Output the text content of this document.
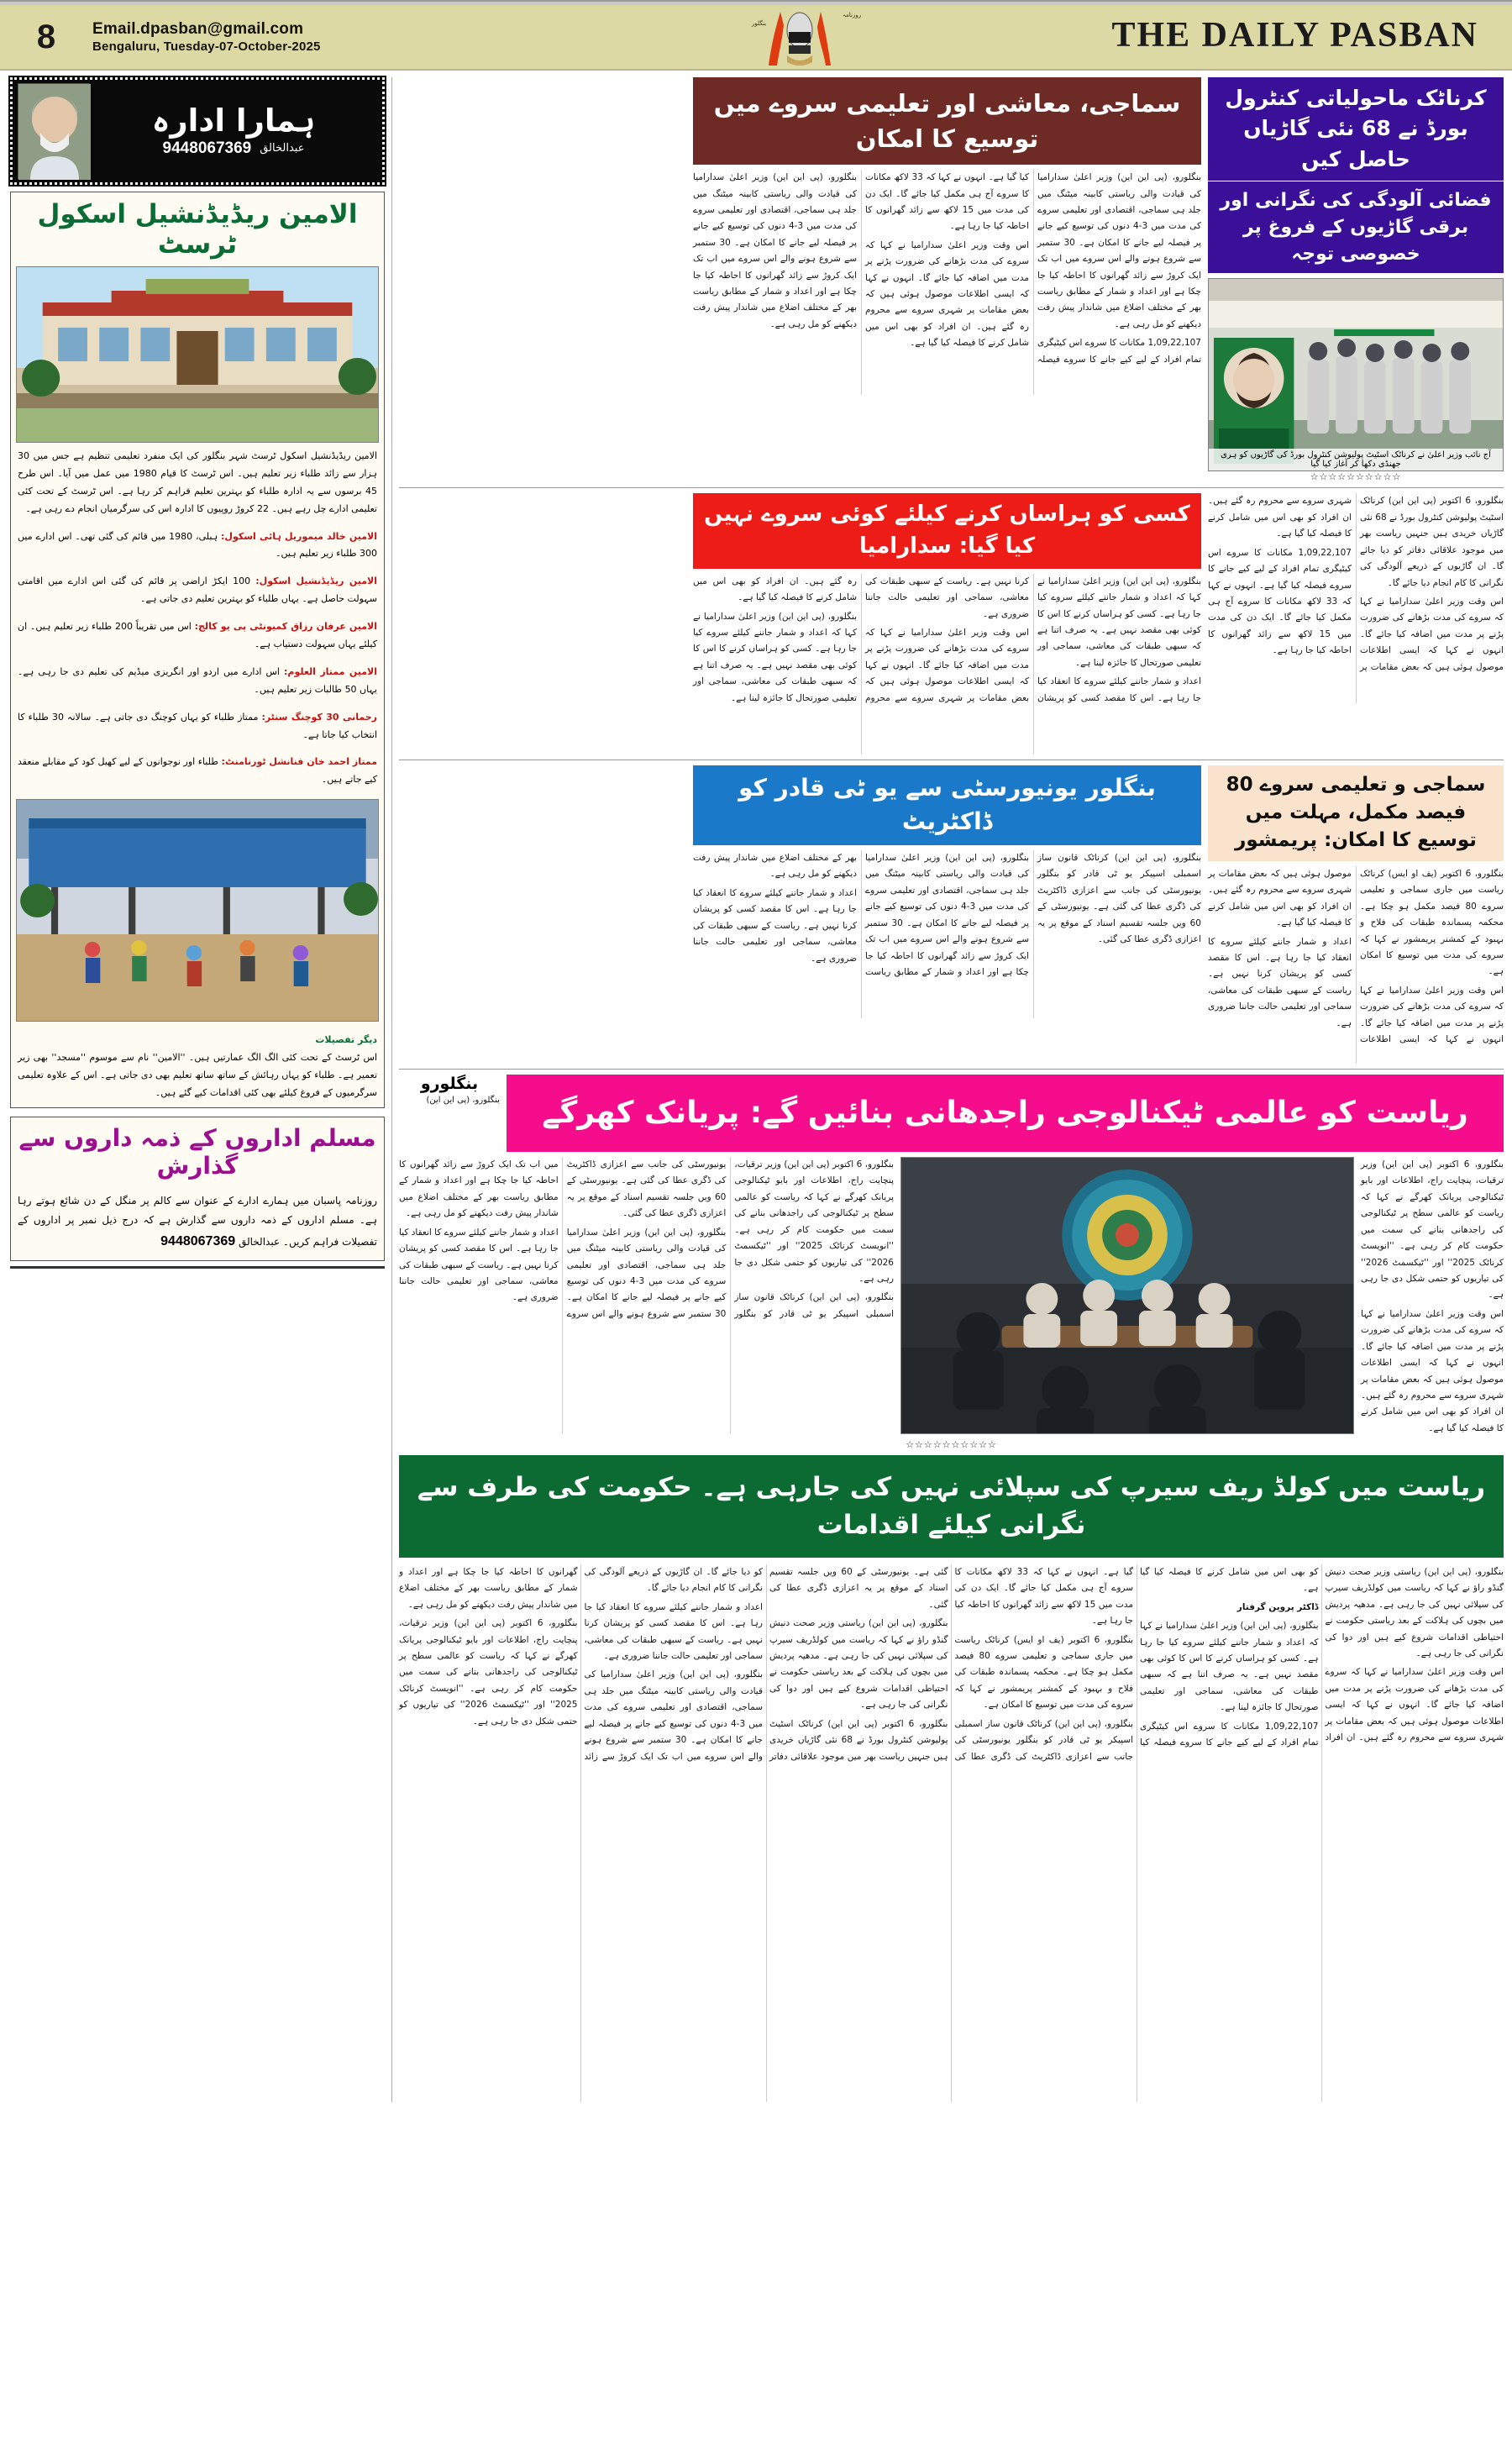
8	Email.dpasban@gmail.com
Bengaluru, Tuesday-07-October-2025
روزنامہ
بنگلور	THE DAILY PASBAN
کرناٹک ماحولیاتی کنٹرول بورڈ نے 68 نئی گاڑیاں حاصل کیں
فضائی آلودگی کی نگرانی اور برقی گاڑیوں کے فروغ پر خصوصی توجہ
آج نائب وزیر اعلیٰ نے کرناٹک اسٹیٹ پولیوشن کنٹرول بورڈ کی گاڑیوں کو ہری جھنڈی دکھا کر آغاز کیا گیا
☆☆☆☆☆☆☆☆☆☆
سماجی، معاشی اور تعلیمی سروے میں توسیع کا امکان

بنگلورو، (پی این این) وزیر اعلیٰ سدارامیا کی قیادت والی ریاستی کابینہ میٹنگ میں جلد ہی سماجی، اقتصادی اور تعلیمی سروے کی مدت میں 3-4 دنوں کی توسیع کیے جانے پر فیصلہ لیے جانے کا امکان ہے۔ 30 ستمبر سے شروع ہونے والے اس سروے میں اب تک ایک کروڑ سے زائد گھرانوں کا احاطہ کیا جا چکا ہے اور اعداد و شمار کے مطابق ریاست بھر کے مختلف اضلاع میں شاندار پیش رفت دیکھنے کو مل رہی ہے۔

1,09,22,107 مکانات کا سروے اس کیٹیگری تمام افراد کے لیے کیے جانے کا سروے فیصلہ کیا گیا ہے۔ انہوں نے کہا کہ 33 لاکھ مکانات کا سروے آج ہی مکمل کیا جائے گا۔ ایک دن کی مدت میں 15 لاکھ سے زائد گھرانوں کا احاطہ کیا جا رہا ہے۔

اس وقت وزیر اعلیٰ سدارامیا نے کہا کہ سروے کی مدت بڑھانے کی ضرورت پڑنے پر مدت میں اضافہ کیا جائے گا۔ انہوں نے کہا کہ ایسی اطلاعات موصول ہوئی ہیں کہ بعض مقامات پر شہری سروے سے محروم رہ گئے ہیں۔ ان افراد کو بھی اس میں شامل کرنے کا فیصلہ کیا گیا ہے۔

بنگلورو، (پی این این) وزیر اعلیٰ سدارامیا کی قیادت والی ریاستی کابینہ میٹنگ میں جلد ہی سماجی، اقتصادی اور تعلیمی سروے کی مدت میں 3-4 دنوں کی توسیع کیے جانے پر فیصلہ لیے جانے کا امکان ہے۔ 30 ستمبر سے شروع ہونے والے اس سروے میں اب تک ایک کروڑ سے زائد گھرانوں کا احاطہ کیا جا چکا ہے اور اعداد و شمار کے مطابق ریاست بھر کے مختلف اضلاع میں شاندار پیش رفت دیکھنے کو مل رہی ہے۔

بنگلورو، 6 اکتوبر (پی این این) کرناٹک اسٹیٹ پولیوشن کنٹرول بورڈ نے 68 نئی گاڑیاں خریدی ہیں جنہیں ریاست بھر میں موجود علاقائی دفاتر کو دیا جائے گا۔ ان گاڑیوں کے ذریعے آلودگی کی نگرانی کا کام انجام دیا جائے گا۔

اس وقت وزیر اعلیٰ سدارامیا نے کہا کہ سروے کی مدت بڑھانے کی ضرورت پڑنے پر مدت میں اضافہ کیا جائے گا۔ انہوں نے کہا کہ ایسی اطلاعات موصول ہوئی ہیں کہ بعض مقامات پر شہری سروے سے محروم رہ گئے ہیں۔ ان افراد کو بھی اس میں شامل کرنے کا فیصلہ کیا گیا ہے۔

1,09,22,107 مکانات کا سروے اس کیٹیگری تمام افراد کے لیے کیے جانے کا سروے فیصلہ کیا گیا ہے۔ انہوں نے کہا کہ 33 لاکھ مکانات کا سروے آج ہی مکمل کیا جائے گا۔ ایک دن کی مدت میں 15 لاکھ سے زائد گھرانوں کا احاطہ کیا جا رہا ہے۔

کسی کو ہراساں کرنے کیلئے کوئی سروے نہیں کیا گیا: سدارامیا

بنگلورو، (پی این این) وزیر اعلیٰ سدارامیا نے کہا کہ اعداد و شمار جاننے کیلئے سروے کیا جا رہا ہے۔ کسی کو ہراساں کرنے کا اس کا کوئی بھی مقصد نہیں ہے۔ یہ صرف اتنا ہے کہ سبھی طبقات کی معاشی، سماجی اور تعلیمی صورتحال کا جائزہ لینا ہے۔

اعداد و شمار جاننے کیلئے سروے کا انعقاد کیا جا رہا ہے۔ اس کا مقصد کسی کو پریشان کرنا نہیں ہے۔ ریاست کے سبھی طبقات کی معاشی، سماجی اور تعلیمی حالت جاننا ضروری ہے۔

اس وقت وزیر اعلیٰ سدارامیا نے کہا کہ سروے کی مدت بڑھانے کی ضرورت پڑنے پر مدت میں اضافہ کیا جائے گا۔ انہوں نے کہا کہ ایسی اطلاعات موصول ہوئی ہیں کہ بعض مقامات پر شہری سروے سے محروم رہ گئے ہیں۔ ان افراد کو بھی اس میں شامل کرنے کا فیصلہ کیا گیا ہے۔

بنگلورو، (پی این این) وزیر اعلیٰ سدارامیا نے کہا کہ اعداد و شمار جاننے کیلئے سروے کیا جا رہا ہے۔ کسی کو ہراساں کرنے کا اس کا کوئی بھی مقصد نہیں ہے۔ یہ صرف اتنا ہے کہ سبھی طبقات کی معاشی، سماجی اور تعلیمی صورتحال کا جائزہ لینا ہے۔

سماجی و تعلیمی سروے 80 فیصد مکمل، مہلت میں توسیع کا امکان: پریمشور

بنگلورو، 6 اکتوبر (یف او ایس) کرناٹک ریاست میں جاری سماجی و تعلیمی سروے 80 فیصد مکمل ہو چکا ہے۔ محکمہ پسماندہ طبقات کی فلاح و بہبود کے کمشنر پریمشور نے کہا کہ سروے کی مدت میں توسیع کا امکان ہے۔

اس وقت وزیر اعلیٰ سدارامیا نے کہا کہ سروے کی مدت بڑھانے کی ضرورت پڑنے پر مدت میں اضافہ کیا جائے گا۔ انہوں نے کہا کہ ایسی اطلاعات موصول ہوئی ہیں کہ بعض مقامات پر شہری سروے سے محروم رہ گئے ہیں۔ ان افراد کو بھی اس میں شامل کرنے کا فیصلہ کیا گیا ہے۔

اعداد و شمار جاننے کیلئے سروے کا انعقاد کیا جا رہا ہے۔ اس کا مقصد کسی کو پریشان کرنا نہیں ہے۔ ریاست کے سبھی طبقات کی معاشی، سماجی اور تعلیمی حالت جاننا ضروری ہے۔

بنگلور یونیورسٹی سے یو ٹی قادر کو ڈاکٹریٹ

بنگلورو، (پی این این) کرناٹک قانون ساز اسمبلی اسپیکر یو ٹی قادر کو بنگلور یونیورسٹی کی جانب سے اعزازی ڈاکٹریٹ کی ڈگری عطا کی گئی ہے۔ یونیورسٹی کے 60 ویں جلسہ تقسیم اسناد کے موقع پر یہ اعزازی ڈگری عطا کی گئی۔

بنگلورو، (پی این این) وزیر اعلیٰ سدارامیا کی قیادت والی ریاستی کابینہ میٹنگ میں جلد ہی سماجی، اقتصادی اور تعلیمی سروے کی مدت میں 3-4 دنوں کی توسیع کیے جانے پر فیصلہ لیے جانے کا امکان ہے۔ 30 ستمبر سے شروع ہونے والے اس سروے میں اب تک ایک کروڑ سے زائد گھرانوں کا احاطہ کیا جا چکا ہے اور اعداد و شمار کے مطابق ریاست بھر کے مختلف اضلاع میں شاندار پیش رفت دیکھنے کو مل رہی ہے۔

اعداد و شمار جاننے کیلئے سروے کا انعقاد کیا جا رہا ہے۔ اس کا مقصد کسی کو پریشان کرنا نہیں ہے۔ ریاست کے سبھی طبقات کی معاشی، سماجی اور تعلیمی حالت جاننا ضروری ہے۔

ریاست کو عالمی ٹیکنالوجی راجدھانی بنائیں گے: پریانک کھرگے
بنگلورو
بنگلورو، (پی این این)

بنگلورو، 6 اکتوبر (پی این این) وزیر ترقیات، پنچایت راج، اطلاعات اور بایو ٹیکنالوجی پریانک کھرگے نے کہا کہ ریاست کو عالمی سطح پر ٹیکنالوجی کی راجدھانی بنانے کی سمت میں حکومت کام کر رہی ہے۔ ''انویسٹ کرناٹک 2025'' اور ''ٹیکسمٹ 2026'' کی تیاریوں کو حتمی شکل دی جا رہی ہے۔

اس وقت وزیر اعلیٰ سدارامیا نے کہا کہ سروے کی مدت بڑھانے کی ضرورت پڑنے پر مدت میں اضافہ کیا جائے گا۔ انہوں نے کہا کہ ایسی اطلاعات موصول ہوئی ہیں کہ بعض مقامات پر شہری سروے سے محروم رہ گئے ہیں۔ ان افراد کو بھی اس میں شامل کرنے کا فیصلہ کیا گیا ہے۔

بنگلورو، 6 اکتوبر (پی این این) وزیر ترقیات، پنچایت راج، اطلاعات اور بایو ٹیکنالوجی پریانک کھرگے نے کہا کہ ریاست کو عالمی سطح پر ٹیکنالوجی کی راجدھانی بنانے کی سمت میں حکومت کام کر رہی ہے۔ ''انویسٹ کرناٹک 2025'' اور ''ٹیکسمٹ 2026'' کی تیاریوں کو حتمی شکل دی جا رہی ہے۔

بنگلورو، (پی این این) کرناٹک قانون ساز اسمبلی اسپیکر یو ٹی قادر کو بنگلور یونیورسٹی کی جانب سے اعزازی ڈاکٹریٹ کی ڈگری عطا کی گئی ہے۔ یونیورسٹی کے 60 ویں جلسہ تقسیم اسناد کے موقع پر یہ اعزازی ڈگری عطا کی گئی۔

بنگلورو، (پی این این) وزیر اعلیٰ سدارامیا کی قیادت والی ریاستی کابینہ میٹنگ میں جلد ہی سماجی، اقتصادی اور تعلیمی سروے کی مدت میں 3-4 دنوں کی توسیع کیے جانے پر فیصلہ لیے جانے کا امکان ہے۔ 30 ستمبر سے شروع ہونے والے اس سروے میں اب تک ایک کروڑ سے زائد گھرانوں کا احاطہ کیا جا چکا ہے اور اعداد و شمار کے مطابق ریاست بھر کے مختلف اضلاع میں شاندار پیش رفت دیکھنے کو مل رہی ہے۔

اعداد و شمار جاننے کیلئے سروے کا انعقاد کیا جا رہا ہے۔ اس کا مقصد کسی کو پریشان کرنا نہیں ہے۔ ریاست کے سبھی طبقات کی معاشی، سماجی اور تعلیمی حالت جاننا ضروری ہے۔

☆☆☆☆☆☆☆☆☆☆
ریاست میں کولڈ ریف سیرپ کی سپلائی نہیں کی جارہی ہے۔ حکومت کی طرف سے نگرانی کیلئے اقدامات

بنگلورو، (پی این این) ریاستی وزیر صحت دنیش گنڈو راؤ نے کہا کہ ریاست میں کولڈریف سیرپ کی سپلائی نہیں کی جا رہی ہے۔ مدھیہ پردیش میں بچوں کی ہلاکت کے بعد ریاستی حکومت نے احتیاطی اقدامات شروع کیے ہیں اور دوا کی نگرانی کی جا رہی ہے۔

اس وقت وزیر اعلیٰ سدارامیا نے کہا کہ سروے کی مدت بڑھانے کی ضرورت پڑنے پر مدت میں اضافہ کیا جائے گا۔ انہوں نے کہا کہ ایسی اطلاعات موصول ہوئی ہیں کہ بعض مقامات پر شہری سروے سے محروم رہ گئے ہیں۔ ان افراد کو بھی اس میں شامل کرنے کا فیصلہ کیا گیا ہے۔

ڈاکٹر پروین گرفتار

بنگلورو، (پی این این) وزیر اعلیٰ سدارامیا نے کہا کہ اعداد و شمار جاننے کیلئے سروے کیا جا رہا ہے۔ کسی کو ہراساں کرنے کا اس کا کوئی بھی مقصد نہیں ہے۔ یہ صرف اتنا ہے کہ سبھی طبقات کی معاشی، سماجی اور تعلیمی صورتحال کا جائزہ لینا ہے۔

1,09,22,107 مکانات کا سروے اس کیٹیگری تمام افراد کے لیے کیے جانے کا سروے فیصلہ کیا گیا ہے۔ انہوں نے کہا کہ 33 لاکھ مکانات کا سروے آج ہی مکمل کیا جائے گا۔ ایک دن کی مدت میں 15 لاکھ سے زائد گھرانوں کا احاطہ کیا جا رہا ہے۔

بنگلورو، 6 اکتوبر (یف او ایس) کرناٹک ریاست میں جاری سماجی و تعلیمی سروے 80 فیصد مکمل ہو چکا ہے۔ محکمہ پسماندہ طبقات کی فلاح و بہبود کے کمشنر پریمشور نے کہا کہ سروے کی مدت میں توسیع کا امکان ہے۔

بنگلورو، (پی این این) کرناٹک قانون ساز اسمبلی اسپیکر یو ٹی قادر کو بنگلور یونیورسٹی کی جانب سے اعزازی ڈاکٹریٹ کی ڈگری عطا کی گئی ہے۔ یونیورسٹی کے 60 ویں جلسہ تقسیم اسناد کے موقع پر یہ اعزازی ڈگری عطا کی گئی۔

بنگلورو، (پی این این) ریاستی وزیر صحت دنیش گنڈو راؤ نے کہا کہ ریاست میں کولڈریف سیرپ کی سپلائی نہیں کی جا رہی ہے۔ مدھیہ پردیش میں بچوں کی ہلاکت کے بعد ریاستی حکومت نے احتیاطی اقدامات شروع کیے ہیں اور دوا کی نگرانی کی جا رہی ہے۔

بنگلورو، 6 اکتوبر (پی این این) کرناٹک اسٹیٹ پولیوشن کنٹرول بورڈ نے 68 نئی گاڑیاں خریدی ہیں جنہیں ریاست بھر میں موجود علاقائی دفاتر کو دیا جائے گا۔ ان گاڑیوں کے ذریعے آلودگی کی نگرانی کا کام انجام دیا جائے گا۔

اعداد و شمار جاننے کیلئے سروے کا انعقاد کیا جا رہا ہے۔ اس کا مقصد کسی کو پریشان کرنا نہیں ہے۔ ریاست کے سبھی طبقات کی معاشی، سماجی اور تعلیمی حالت جاننا ضروری ہے۔

بنگلورو، (پی این این) وزیر اعلیٰ سدارامیا کی قیادت والی ریاستی کابینہ میٹنگ میں جلد ہی سماجی، اقتصادی اور تعلیمی سروے کی مدت میں 3-4 دنوں کی توسیع کیے جانے پر فیصلہ لیے جانے کا امکان ہے۔ 30 ستمبر سے شروع ہونے والے اس سروے میں اب تک ایک کروڑ سے زائد گھرانوں کا احاطہ کیا جا چکا ہے اور اعداد و شمار کے مطابق ریاست بھر کے مختلف اضلاع میں شاندار پیش رفت دیکھنے کو مل رہی ہے۔

بنگلورو، 6 اکتوبر (پی این این) وزیر ترقیات، پنچایت راج، اطلاعات اور بایو ٹیکنالوجی پریانک کھرگے نے کہا کہ ریاست کو عالمی سطح پر ٹیکنالوجی کی راجدھانی بنانے کی سمت میں حکومت کام کر رہی ہے۔ ''انویسٹ کرناٹک 2025'' اور ''ٹیکسمٹ 2026'' کی تیاریوں کو حتمی شکل دی جا رہی ہے۔

ہمارا ادارہ
عبدالخالق
9448067369
الامین ریڈیڈنشیل اسکول ٹرسٹ
الامین ریڈیڈنشیل اسکول ٹرسٹ شہر بنگلور کی ایک منفرد تعلیمی تنظیم ہے جس میں 30 ہزار سے زائد طلباء زیر تعلیم ہیں۔ اس ٹرسٹ کا قیام 1980 میں عمل میں آیا۔ اس طرح 45 برسوں سے یہ ادارہ طلباء کو بہترین تعلیم فراہم کر رہا ہے۔ اس ٹرسٹ کے تحت کئی تعلیمی ادارے چل رہے ہیں۔ 22 کروڑ روپیوں کا ادارہ اس کی سرگرمیاں انجام دے رہی ہے۔
الامین خالد میموریل ہائی اسکول: ہبلی، 1980 میں قائم کی گئی تھی۔ اس ادارے میں 300 طلباء زیر تعلیم ہیں۔
الامین ریڈیڈنشیل اسکول: 100 ایکڑ اراضی پر قائم کی گئی اس ادارے میں اقامتی سہولت حاصل ہے۔ یہاں طلباء کو بہترین تعلیم دی جاتی ہے۔
الامین عرفان رزاق کمیونٹی پی یو کالج: اس میں تقریباً 200 طلباء زیر تعلیم ہیں۔ ان کیلئے یہاں سہولت دستیاب ہے۔
الامین ممتاز العلوم: اس ادارے میں اردو اور انگریزی میڈیم کی تعلیم دی جا رہی ہے۔ یہاں 50 طالبات زیر تعلیم ہیں۔
رحمانی 30 کوچنگ سنٹر: ممتاز طلباء کو یہاں کوچنگ دی جاتی ہے۔ سالانہ 30 طلباء کا انتخاب کیا جاتا ہے۔
ممتاز احمد خان فنانشل ٹورنامنٹ: طلباء اور نوجوانوں کے لیے کھیل کود کے مقابلے منعقد کیے جاتے ہیں۔
دیگر تفصیلات
اس ٹرسٹ کے تحت کئی الگ الگ عمارتیں ہیں۔ ''الامین'' نام سے موسوم ''مسجد'' بھی زیر تعمیر ہے۔ طلباء کو یہاں رہائش کے ساتھ ساتھ تعلیم بھی دی جاتی ہے۔ اس کے علاوہ تعلیمی سرگرمیوں کے فروغ کیلئے بھی کئی اقدامات کیے گئے ہیں۔
مسلم اداروں کے ذمہ داروں سے گذارش
روزنامہ پاسبان میں ہمارے ادارے کے عنوان سے کالم پر منگل کے دن شائع ہوتے رہا ہے۔ مسلم اداروں کے ذمہ داروں سے گذارش ہے کہ درج ذیل نمبر پر اداروں کے تفصیلات فراہم کریں۔ عبدالخالق 9448067369
